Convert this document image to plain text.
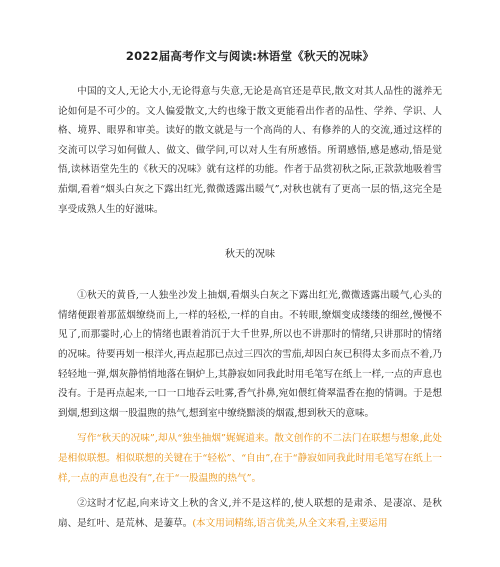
2022届高考作文与阅读:林语堂《秋天的况味》

中国的文人,无论大小,无论得意与失意,无论是高官还是草民,散文对其人品性的滋养无论如何是不可少的。文人偏爱散文,大约也缘于散文更能看出作者的品性、学养、学识、人格、境界、眼界和审美。读好的散文就是与一个高尚的人、有修养的人的交流,通过这样的交流可以学习如何做人、做文、做学问,可以对人生有所感悟。所谓感悟,感是感动,悟是觉悟,读林语堂先生的《秋天的况味》就有这样的功能。作者于品赏初秋之际,正款款地吸着雪茄烟,看着“烟头白灰之下露出红光,微微透露出暖气”,对秋也就有了更高一层的悟,这完全是享受成熟人生的好滋味。

秋天的况味

①秋天的黄昏,一人独坐沙发上抽烟,看烟头白灰之下露出红光,微微透露出暖气,心头的情绪便跟着那蓝烟缭绕而上,一样的轻松,一样的自由。不转眼,缭烟变成缕缕的细丝,慢慢不见了,而那霎时,心上的情绪也跟着消沉于大千世界,所以也不讲那时的情绪,只讲那时的情绪的况味。待要再划一根洋火,再点起那已点过三四次的雪茄,却因白灰已积得太多而点不着,乃轻轻地一弹,烟灰静悄悄地落在铜炉上,其静寂如同我此时用毛笔写在纸上一样,一点的声息也没有。于是再点起来,一口一口地吞云吐雾,香气扑鼻,宛如偎红倚翠温香在抱的情调。于是想到烟,想到这烟一股温煦的热气,想到室中缭绕黯淡的烟霞,想到秋天的意味。

写作“秋天的况味”,却从“独坐抽烟”娓娓道来。散文创作的不二法门在联想与想象,此处是相似联想。相似联想的关键在于“轻松”、“自由”,在于“静寂如同我此时用毛笔写在纸上一样,一点的声息也没有”,在于“一股温煦的热气”。

②这时才忆起,向来诗文上秋的含义,并不是这样的,使人联想的是肃杀、是凄凉、是秋扇、是红叶、是荒林、是萋草。(本文用词精练,语言优美,从全文来看,主要运用
